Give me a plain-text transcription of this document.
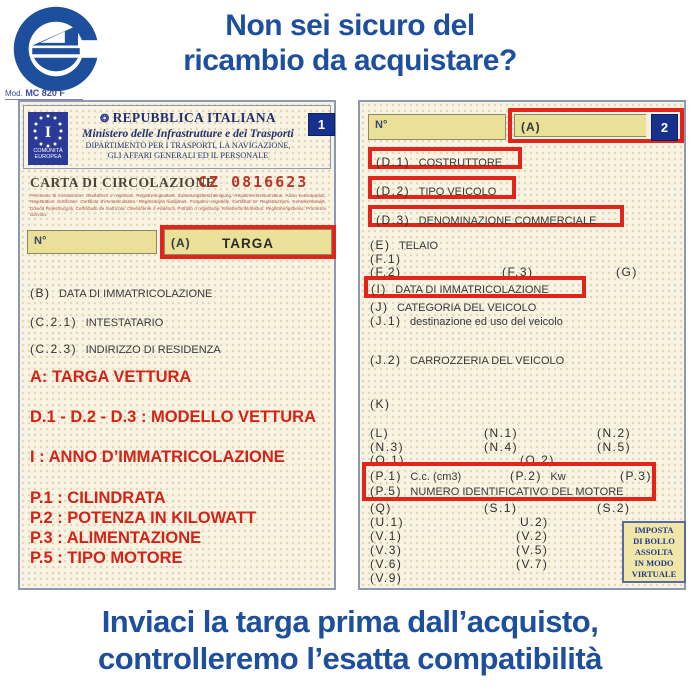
Non sei sicuro del
ricambio da acquistare?
Mod. MC 820 F
I
COMUNITÀ EUROPEA
❂ REPUBBLICA ITALIANA
Ministero delle Infrastrutture e dei Trasporti
DIPARTIMENTO PER I TRASPORTI, LA NAVIGAZIONE,
GLI AFFARI GENERALI ED IL PERSONALE
1
CARTA DI CIRCOLAZIONE
CZ 0816623
Permesso di circolazione. Osvědčení o registraci. Registreringsattest. Zulassungsbescheinigung. Registreerimistunnistus. Άδεια κυκλοφορίας. Registration certificate. Certificat d'immatriculation. Registracijos liudijimas. Forgalmi engedély. Certifikat ta' Registrazzjoni. Kentekenbewijs. Dowod Rejestracyjny. Certificado de matrícula. Osvedčenie o evidencii. Potrdilo o registraciji. Rekisteröintitodistus. Registreringsbevis. Prometna dozvola.
N°	(A)	TARGA
(B) DATA DI IMMATRICOLAZIONE
(C.2.1) INTESTATARIO
(C.2.3) INDIRIZZO DI RESIDENZA
A: TARGA VETTURA
D.1 - D.2 - D.3 : MODELLO VETTURA
I : ANNO D’IMMATRICOLAZIONE
P.1 : CILINDRATA
P.2 : POTENZA IN KILOWATT
P.3 : ALIMENTAZIONE
P.5 : TIPO MOTORE
N°	(A)	2
(D.1) COSTRUTTORE
(D.2) TIPO VEICOLO
(D.3) DENOMINAZIONE COMMERCIALE
(E) TELAIO
(F.1)
(F.2)	(F.3)	(G)
(I) DATA DI IMMATRICOLAZIONE
(J) CATEGORIA DEL VEICOLO
(J.1) destinazione ed uso del veicolo
(J.2) CARROZZERIA DEL VEICOLO
(K)
(L)	(N.1)	(N.2)
(N.3)	(N.4)	(N.5)
(O.1)	(O.2)
(P.1) C.c. (cm3)	(P.2) Kw	(P.3)
(P.5) NUMERO IDENTIFICATIVO DEL MOTORE
(Q)	(S.1)	(S.2)
(U.1)	U.2)
(V.1)	(V.2)
(V.3)	(V.5)
(V.6)	(V.7)
(V.9)
IMPOSTA
DI BOLLO
ASSOLTA
IN MODO
VIRTUALE
Inviaci la targa prima dall’acquisto,
controlleremo l’esatta compatibilità
